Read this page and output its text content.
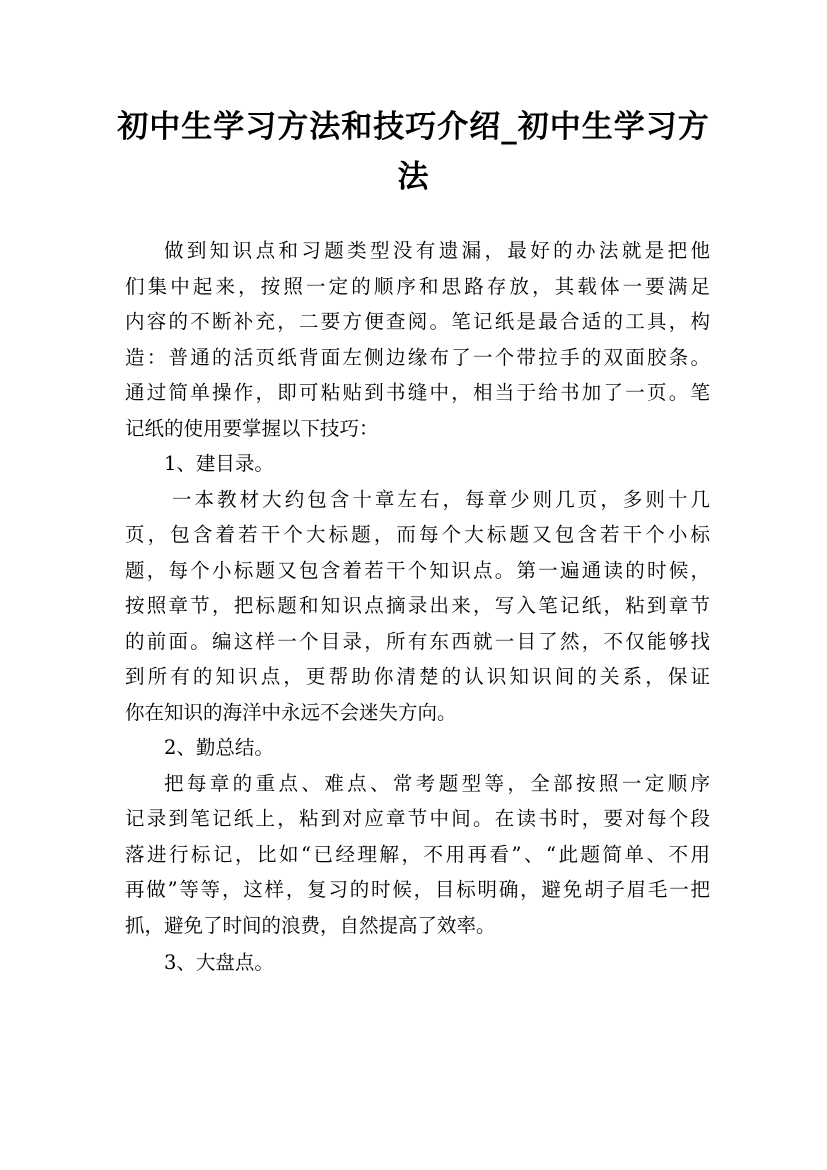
初中生学习方法和技巧介绍_初中生学习方
法
做到知识点和习题类型没有遗漏，最好的办法就是把他
们集中起来，按照一定的顺序和思路存放，其载体一要满足
内容的不断补充，二要方便查阅。笔记纸是最合适的工具，构
造：普通的活页纸背面左侧边缘布了一个带拉手的双面胶条。
通过简单操作，即可粘贴到书缝中，相当于给书加了一页。笔
记纸的使用要掌握以下技巧：
1、建目录。
一本教材大约包含十章左右，每章少则几页，多则十几
页，包含着若干个大标题，而每个大标题又包含若干个小标
题，每个小标题又包含着若干个知识点。第一遍通读的时候，
按照章节，把标题和知识点摘录出来，写入笔记纸，粘到章节
的前面。编这样一个目录，所有东西就一目了然，不仅能够找
到所有的知识点，更帮助你清楚的认识知识间的关系，保证
你在知识的海洋中永远不会迷失方向。
2、勤总结。
把每章的重点、难点、常考题型等，全部按照一定顺序
记录到笔记纸上，粘到对应章节中间。在读书时，要对每个段
落进行标记，比如“已经理解，不用再看”、“此题简单、不用
再做”等等，这样，复习的时候，目标明确，避免胡子眉毛一把
抓，避免了时间的浪费，自然提高了效率。
3、大盘点。
